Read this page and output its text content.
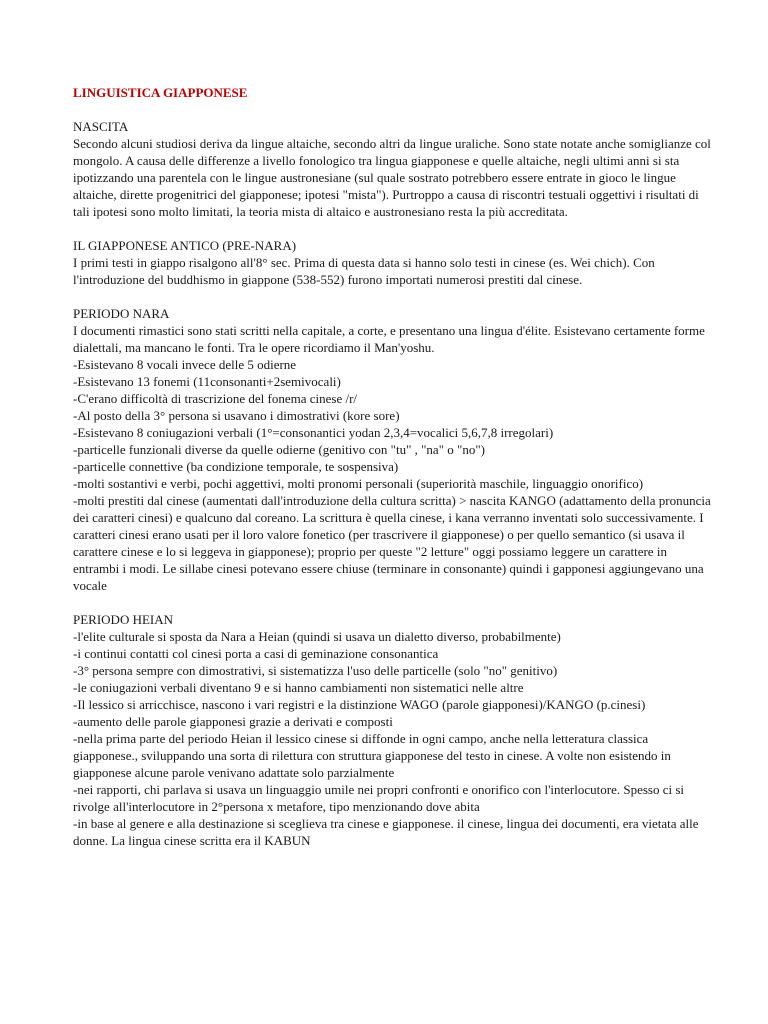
LINGUISTICA GIAPPONESE

NASCITA

Secondo alcuni studiosi deriva da lingue altaiche, secondo altri da lingue uraliche. Sono state notate anche somiglianze col mongolo. A causa delle differenze a livello fonologico tra lingua giapponese e quelle altaiche, negli ultimi anni si sta ipotizzando una parentela con le lingue austronesiane (sul quale sostrato potrebbero essere entrate in gioco le lingue altaiche, dirette progenitrici del giapponese; ipotesi "mista"). Purtroppo a causa di riscontri testuali oggettivi i risultati di tali ipotesi sono molto limitati, la teoria mista di altaico e austronesiano resta la più accreditata.

IL GIAPPONESE ANTICO (PRE-NARA)

I primi testi in giappo risalgono all'8° sec. Prima di questa data si hanno solo testi in cinese (es. Wei chich). Con l'introduzione del buddhismo in giappone (538-552) furono importati numerosi prestiti dal cinese.

PERIODO NARA

I documenti rimastici sono stati scritti nella capitale, a corte, e presentano una lingua d'élite. Esistevano certamente forme dialettali, ma mancano le fonti. Tra le opere ricordiamo il Man'yoshu.

-Esistevano 8 vocali invece delle 5 odierne

-Esistevano 13 fonemi (11consonanti+2semivocali)

-C'erano difficoltà di trascrizione del fonema cinese /r/

-Al posto della 3° persona si usavano i dimostrativi (kore sore)

-Esistevano 8 coniugazioni verbali (1°=consonantici yodan 2,3,4=vocalici 5,6,7,8 irregolari)

-particelle funzionali diverse da quelle odierne (genitivo con "tu" , "na" o "no")

-particelle connettive (ba condizione temporale, te sospensiva)

-molti sostantivi e verbi, pochi aggettivi, molti pronomi personali (superiorità maschile, linguaggio onorifico)

-molti prestiti dal cinese (aumentati dall'introduzione della cultura scritta) > nascita KANGO (adattamento della pronuncia dei caratteri cinesi) e qualcuno dal coreano. La scrittura è quella cinese, i kana verranno inventati solo successivamente. I caratteri cinesi erano usati per il loro valore fonetico (per trascrivere il giapponese) o per quello semantico (si usava il carattere cinese e lo si leggeva in giapponese); proprio per queste "2 letture" oggi possiamo leggere un carattere in entrambi i modi. Le sillabe cinesi potevano essere chiuse (terminare in consonante) quindi i gapponesi aggiungevano una vocale

PERIODO HEIAN

-l'elite culturale si sposta da Nara a Heian (quindi si usava un dialetto diverso, probabilmente)

-i continui contatti col cinesi porta a casi di geminazione consonantica

-3° persona sempre con dimostrativi, si sistematizza l'uso delle particelle (solo "no" genitivo)

-le coniugazioni verbali diventano 9 e si hanno cambiamenti non sistematici nelle altre

-Il lessico si arricchisce, nascono i vari registri e la distinzione WAGO (parole giapponesi)/KANGO (p.cinesi)

-aumento delle parole giapponesi grazie a derivati e composti

-nella prima parte del periodo Heian il lessico cinese si diffonde in ogni campo, anche nella letteratura classica giapponese., sviluppando una sorta di rilettura con struttura giapponese del testo in cinese. A volte non esistendo in giapponese alcune parole venivano adattate solo parzialmente

-nei rapporti, chi parlava si usava un linguaggio umile nei propri confronti e onorifico con l'interlocutore. Spesso ci si rivolge all'interlocutore in 2°persona x metafore, tipo menzionando dove abita

-in base al genere e alla destinazione si sceglieva tra cinese e giapponese. il cinese, lingua dei documenti, era vietata alle donne. La lingua cinese scritta era il KABUN
